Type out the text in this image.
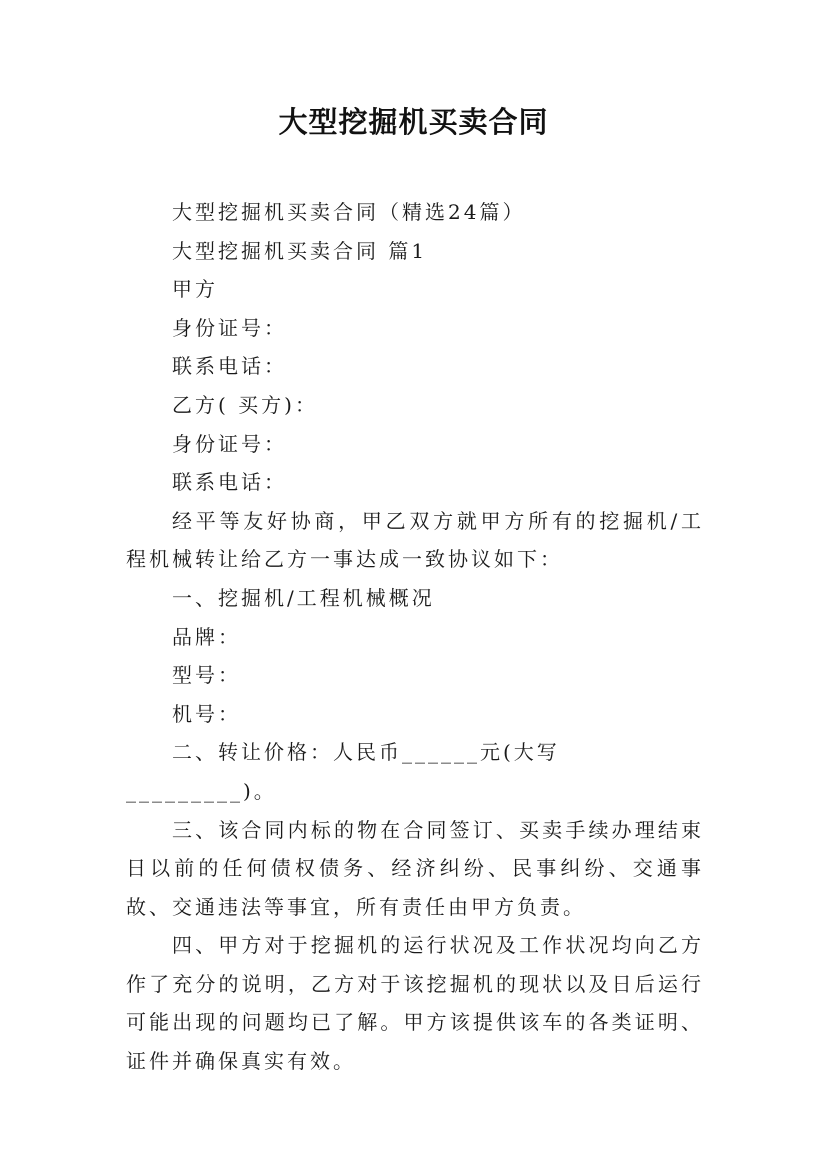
大型挖掘机买卖合同

大型挖掘机买卖合同（精选24篇）

大型挖掘机买卖合同 篇1

甲方

身份证号：

联系电话：

乙方( 买方)：

身份证号：

联系电话：

经平等友好协商，甲乙双方就甲方所有的挖掘机/工程机械转让给乙方一事达成一致协议如下：

一、挖掘机/工程机械概况

品牌：

型号：

机号：

二、转让价格：人民币______元(大写_________)。

三、该合同内标的物在合同签订、买卖手续办理结束日以前的任何债权债务、经济纠纷、民事纠纷、交通事故、交通违法等事宜，所有责任由甲方负责。

四、甲方对于挖掘机的运行状况及工作状况均向乙方作了充分的说明，乙方对于该挖掘机的现状以及日后运行可能出现的问题均已了解。甲方该提供该车的各类证明、证件并确保真实有效。
